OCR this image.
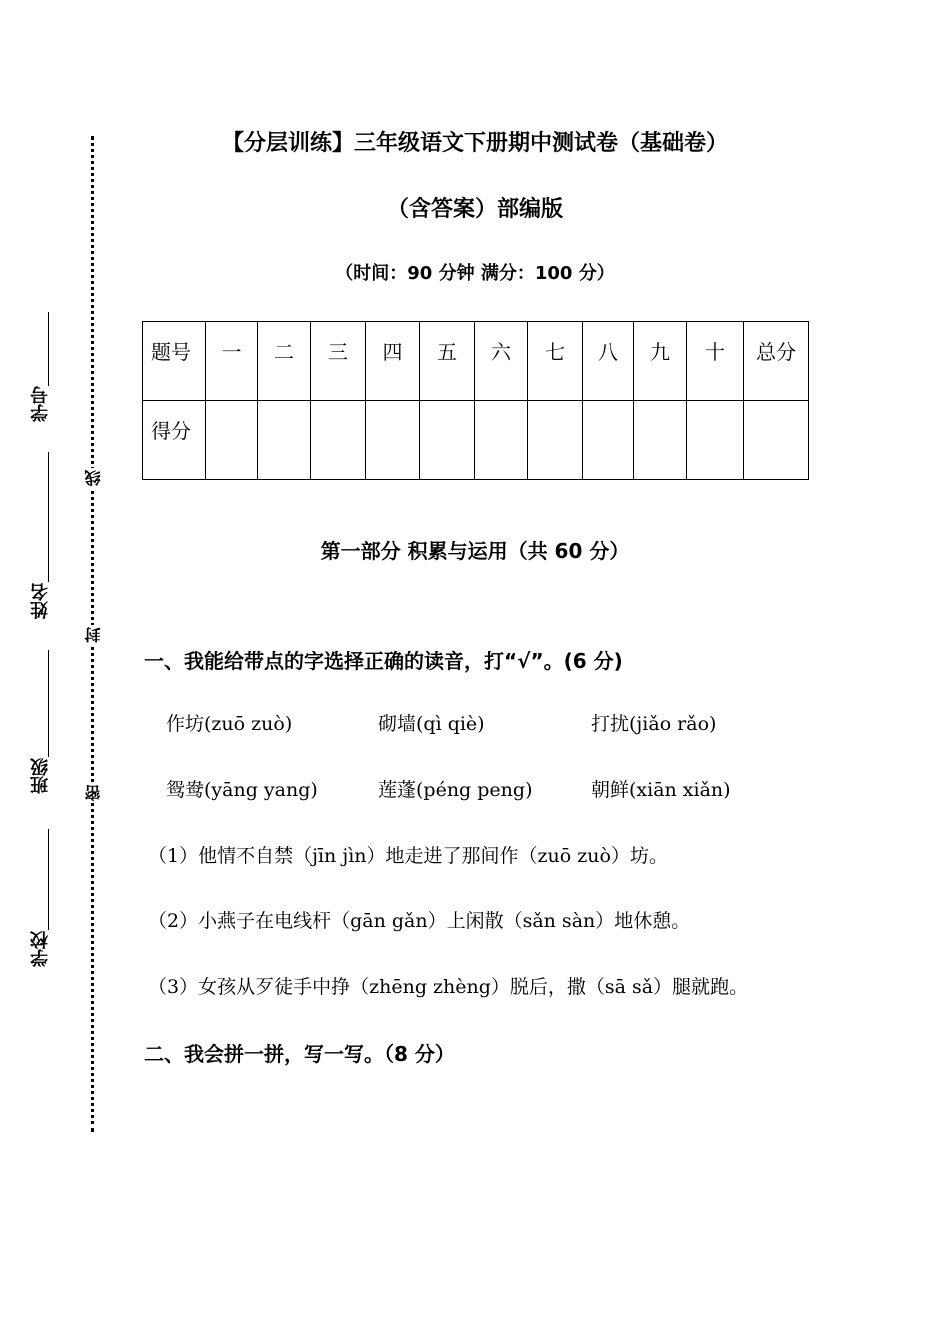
学号
姓名
班级
学校
线
封
密
【分层训练】三年级语文下册期中测试卷（基础卷）
（含答案）部编版
（时间：90 分钟 满分：100 分）
题号	一	二	三	四	五	六	七	八	九	十	总分
得分											
第一部分 积累与运用（共 60 分）
一、我能给带点的字选择正确的读音，打“√”。(6 分)
作坊(zuō zuò)	砌墙(qì qiè)	打扰(jiǎo rǎo)
鸳鸯(yāng yang)	莲蓬(péng peng)	朝鲜(xiān xiǎn)
（1）他情不自禁（jīn jìn）地走进了那间作（zuō zuò）坊。
（2）小燕子在电线杆（gān gǎn）上闲散（sǎn sàn）地休憩。
（3）女孩从歹徒手中挣（zhēng zhèng）脱后，撒（sā sǎ）腿就跑。
二、我会拼一拼，写一写。（8 分）
